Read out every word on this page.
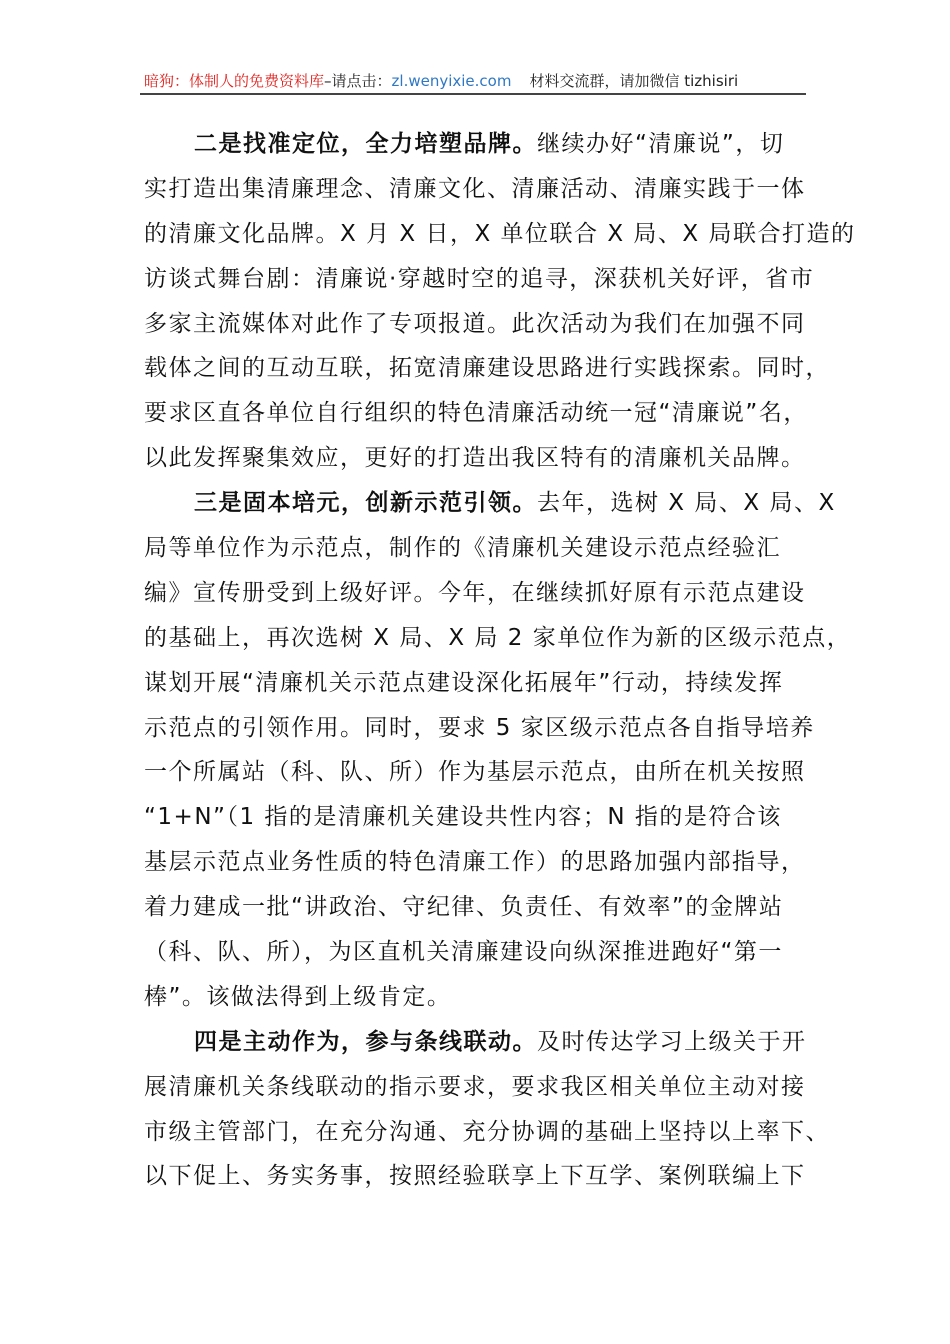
暗狗：体制人的免费资料库–请点击：zl.wenyixie.com 材料交流群，请加微信 tizhisiri
二是找准定位，全力培塑品牌。继续办好“清廉说”，切
实打造出集清廉理念、清廉文化、清廉活动、清廉实践于一体
的清廉文化品牌。X 月 X 日，X 单位联合 X 局、X 局联合打造的
访谈式舞台剧：清廉说·穿越时空的追寻，深获机关好评，省市
多家主流媒体对此作了专项报道。此次活动为我们在加强不同
载体之间的互动互联，拓宽清廉建设思路进行实践探索。同时，
要求区直各单位自行组织的特色清廉活动统一冠“清廉说”名，
以此发挥聚集效应，更好的打造出我区特有的清廉机关品牌。
三是固本培元，创新示范引领。去年，选树 X 局、X 局、X
局等单位作为示范点，制作的《清廉机关建设示范点经验汇
编》宣传册受到上级好评。今年，在继续抓好原有示范点建设
的基础上，再次选树 X 局、X 局 2 家单位作为新的区级示范点，
谋划开展“清廉机关示范点建设深化拓展年”行动，持续发挥
示范点的引领作用。同时，要求 5 家区级示范点各自指导培养
一个所属站（科、队、所）作为基层示范点，由所在机关按照
“1+N”（1 指的是清廉机关建设共性内容；N 指的是符合该
基层示范点业务性质的特色清廉工作）的思路加强内部指导，
着力建成一批“讲政治、守纪律、负责任、有效率”的金牌站
（科、队、所），为区直机关清廉建设向纵深推进跑好“第一
棒”。该做法得到上级肯定。
四是主动作为，参与条线联动。及时传达学习上级关于开
展清廉机关条线联动的指示要求，要求我区相关单位主动对接
市级主管部门，在充分沟通、充分协调的基础上坚持以上率下、
以下促上、务实务事，按照经验联享上下互学、案例联编上下
